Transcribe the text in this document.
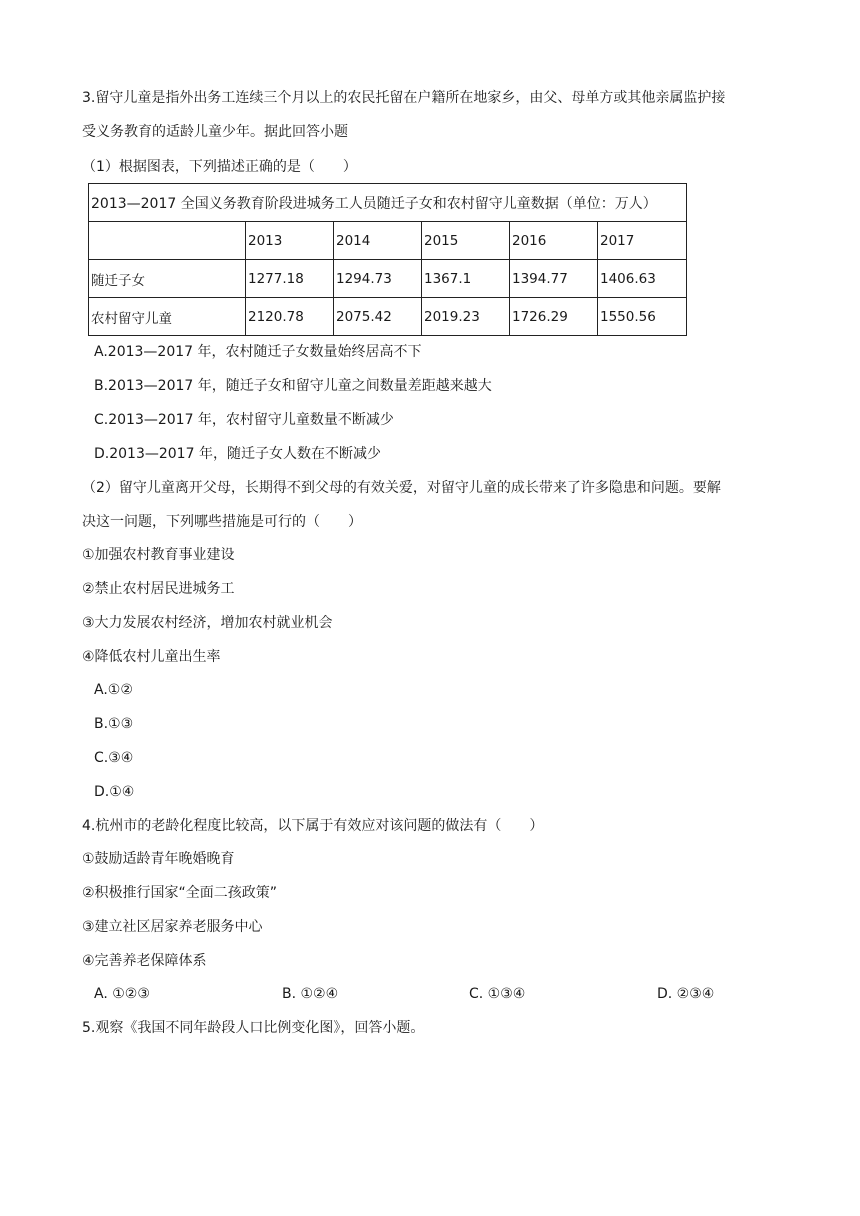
3.留守儿童是指外出务工连续三个月以上的农民托留在户籍所在地家乡，由父、母单方或其他亲属监护接
受义务教育的适龄儿童少年。据此回答小题
（1）根据图表，下列描述正确的是（　　）
2013—2017 全国义务教育阶段进城务工人员随迁子女和农村留守儿童数据（单位：万人）					
	2013	2014	2015	2016	2017
随迁子女	1277.18	1294.73	1367.1	1394.77	1406.63
农村留守儿童	2120.78	2075.42	2019.23	1726.29	1550.56
A.2013—2017 年，农村随迁子女数量始终居高不下
B.2013—2017 年，随迁子女和留守儿童之间数量差距越来越大
C.2013—2017 年，农村留守儿童数量不断减少
D.2013—2017 年，随迁子女人数在不断减少
（2）留守儿童离开父母，长期得不到父母的有效关爱，对留守儿童的成长带来了许多隐患和问题。要解
决这一问题，下列哪些措施是可行的（　　）
①加强农村教育事业建设
②禁止农村居民进城务工
③大力发展农村经济，增加农村就业机会
④降低农村儿童出生率
A.①②
B.①③
C.③④
D.①④
4.杭州市的老龄化程度比较高，以下属于有效应对该问题的做法有（　　）
①鼓励适龄青年晚婚晚育
②积极推行国家“全面二孩政策”
③建立社区居家养老服务中心
④完善养老保障体系
A. ①②③	B. ①②④	C. ①③④	D. ②③④
5.观察《我国不同年龄段人口比例变化图》，回答小题。
